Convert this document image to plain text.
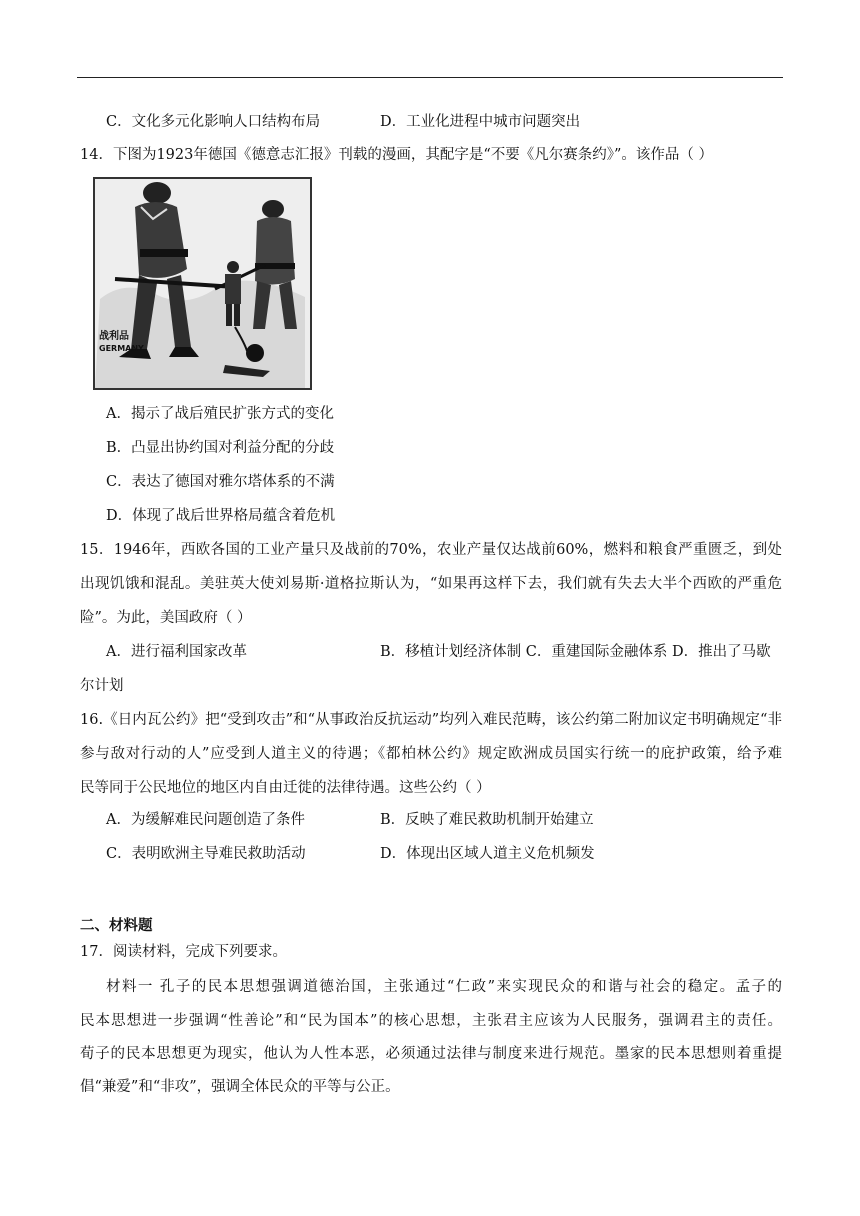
C．文化多元化影响人口结构布局	D．工业化进程中城市问题突出
14．下图为1923年德国《德意志汇报》刊载的漫画，其配字是“不要《凡尔赛条约》”。该作品（ ）
战利品
GERMANY
A．揭示了战后殖民扩张方式的变化
B．凸显出协约国对利益分配的分歧
C．表达了德国对雅尔塔体系的不满
D．体现了战后世界格局蕴含着危机
15．1946年，西欧各国的工业产量只及战前的70%，农业产量仅达战前60%，燃料和粮食严重匮乏，到处
出现饥饿和混乱。美驻英大使刘易斯·道格拉斯认为，“如果再这样下去，我们就有失去大半个西欧的严重危
险”。为此，美国政府（ ）
A．进行福利国家改革	B．移植计划经济体制 C．重建国际金融体系 D．推出了马歇
尔计划
16.《日内瓦公约》把“受到攻击”和“从事政治反抗运动”均列入难民范畴，该公约第二附加议定书明确规定“非
参与敌对行动的人”应受到人道主义的待遇；《都柏林公约》规定欧洲成员国实行统一的庇护政策，给予难
民等同于公民地位的地区内自由迁徙的法律待遇。这些公约（ ）
A．为缓解难民问题创造了条件	B．反映了难民救助机制开始建立
C．表明欧洲主导难民救助活动	D．体现出区域人道主义危机频发
二、材料题
17．阅读材料，完成下列要求。
材料一 孔子的民本思想强调道德治国，主张通过“仁政”来实现民众的和谐与社会的稳定。孟子的
民本思想进一步强调“性善论”和“民为国本”的核心思想，主张君主应该为人民服务，强调君主的责任。
荀子的民本思想更为现实，他认为人性本恶，必须通过法律与制度来进行规范。墨家的民本思想则着重提
倡“兼爱”和“非攻”，强调全体民众的平等与公正。
